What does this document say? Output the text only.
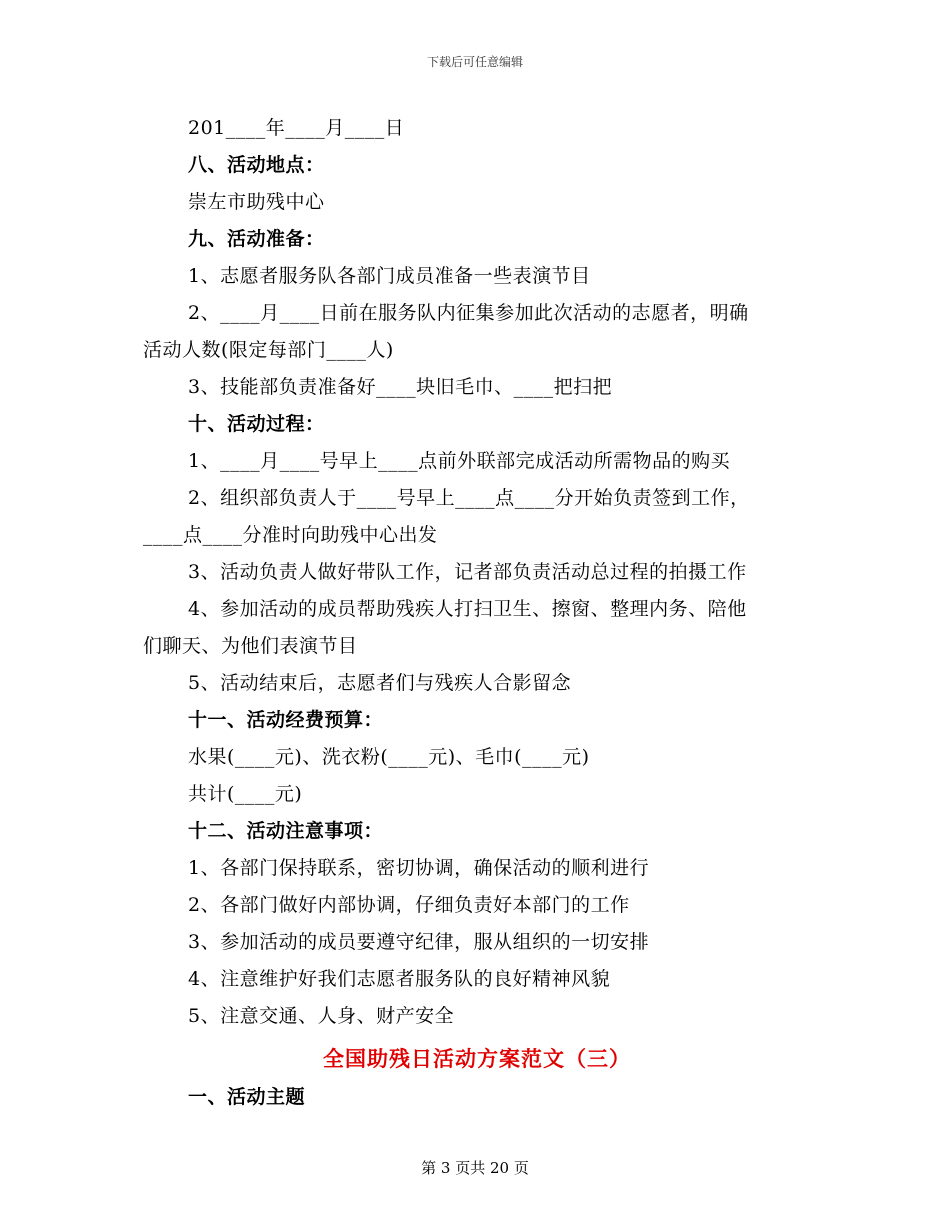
下载后可任意编辑
201____年____月____日
八、活动地点：
崇左市助残中心
九、活动准备：
1、志愿者服务队各部门成员准备一些表演节目
2、____月____日前在服务队内征集参加此次活动的志愿者，明确
活动人数(限定每部门____人)
3、技能部负责准备好____块旧毛巾、____把扫把
十、活动过程：
1、____月____号早上____点前外联部完成活动所需物品的购买
2、组织部负责人于____号早上____点____分开始负责签到工作，
____点____分准时向助残中心出发
3、活动负责人做好带队工作，记者部负责活动总过程的拍摄工作
4、参加活动的成员帮助残疾人打扫卫生、擦窗、整理内务、陪他
们聊天、为他们表演节目
5、活动结束后，志愿者们与残疾人合影留念
十一、活动经费预算：
水果(____元)、洗衣粉(____元)、毛巾(____元)
共计(____元)
十二、活动注意事项：
1、各部门保持联系，密切协调，确保活动的顺利进行
2、各部门做好内部协调，仔细负责好本部门的工作
3、参加活动的成员要遵守纪律，服从组织的一切安排
4、注意维护好我们志愿者服务队的良好精神风貌
5、注意交通、人身、财产安全
全国助残日活动方案范文（三）
一、活动主题
第 3 页共 20 页
